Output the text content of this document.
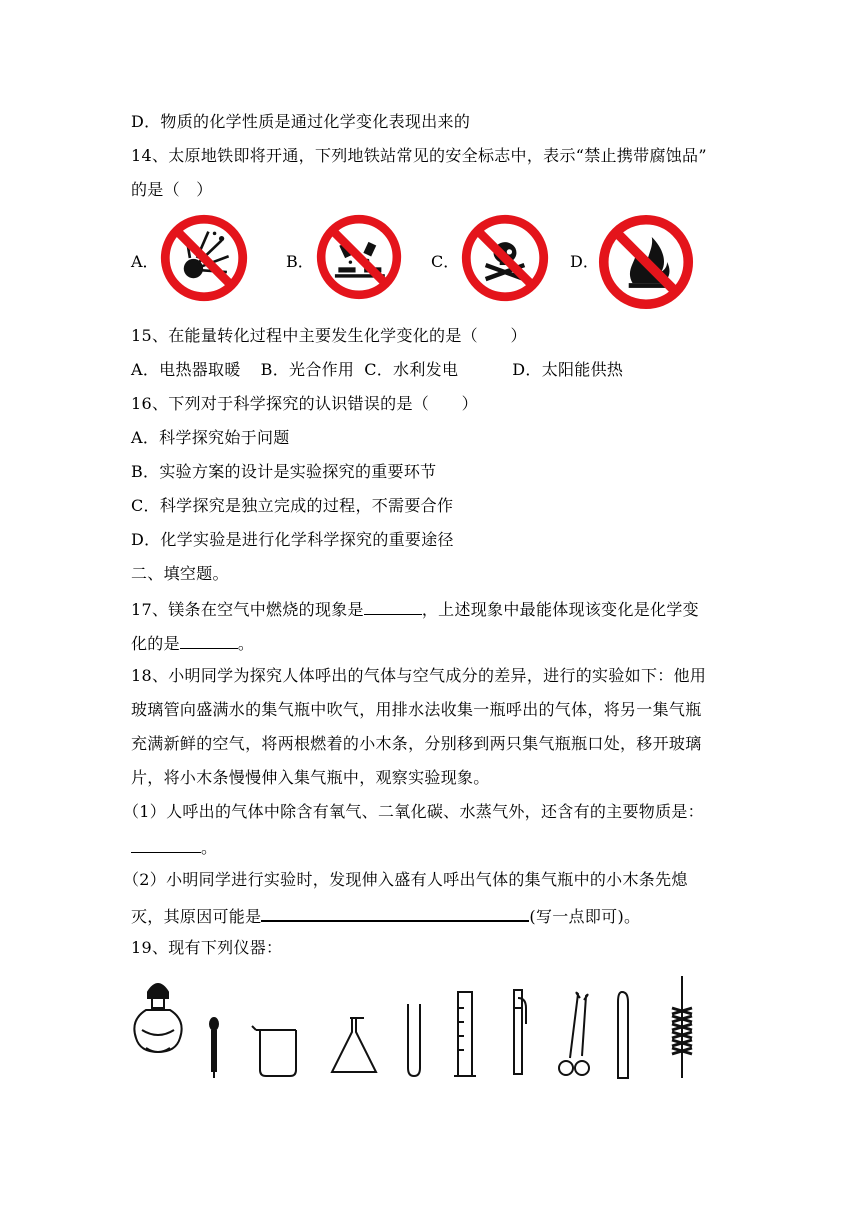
D．物质的化学性质是通过化学变化表现出来的
14、太原地铁即将开通，下列地铁站常见的安全标志中，表示“禁止携带腐蚀品”
的是（　）
A．	B．	C．	D．
15、在能量转化过程中主要发生化学变化的是（　　）
A．电热器取暖 B．光合作用 C．水利发电	D．太阳能供热
16、下列对于科学探究的认识错误的是（　　）
A．科学探究始于问题
B．实验方案的设计是实验探究的重要环节
C．科学探究是独立完成的过程，不需要合作
D．化学实验是进行化学科学探究的重要途径
二、填空题。
17、镁条在空气中燃烧的现象是	，上述现象中最能体现该变化是化学变
化的是	。
18、小明同学为探究人体呼出的气体与空气成分的差异，进行的实验如下：他用
玻璃管向盛满水的集气瓶中吹气，用排水法收集一瓶呼出的气体，将另一集气瓶
充满新鲜的空气，将两根燃着的小木条，分别移到两只集气瓶瓶口处，移开玻璃
片，将小木条慢慢伸入集气瓶中，观察实验现象。
（1）人呼出的气体中除含有氧气、二氧化碳、水蒸气外，还含有的主要物质是：
。
（2）小明同学进行实验时，发现伸入盛有人呼出气体的集气瓶中的小木条先熄
灭，其原因可能是	(写一点即可)。
19、现有下列仪器：
